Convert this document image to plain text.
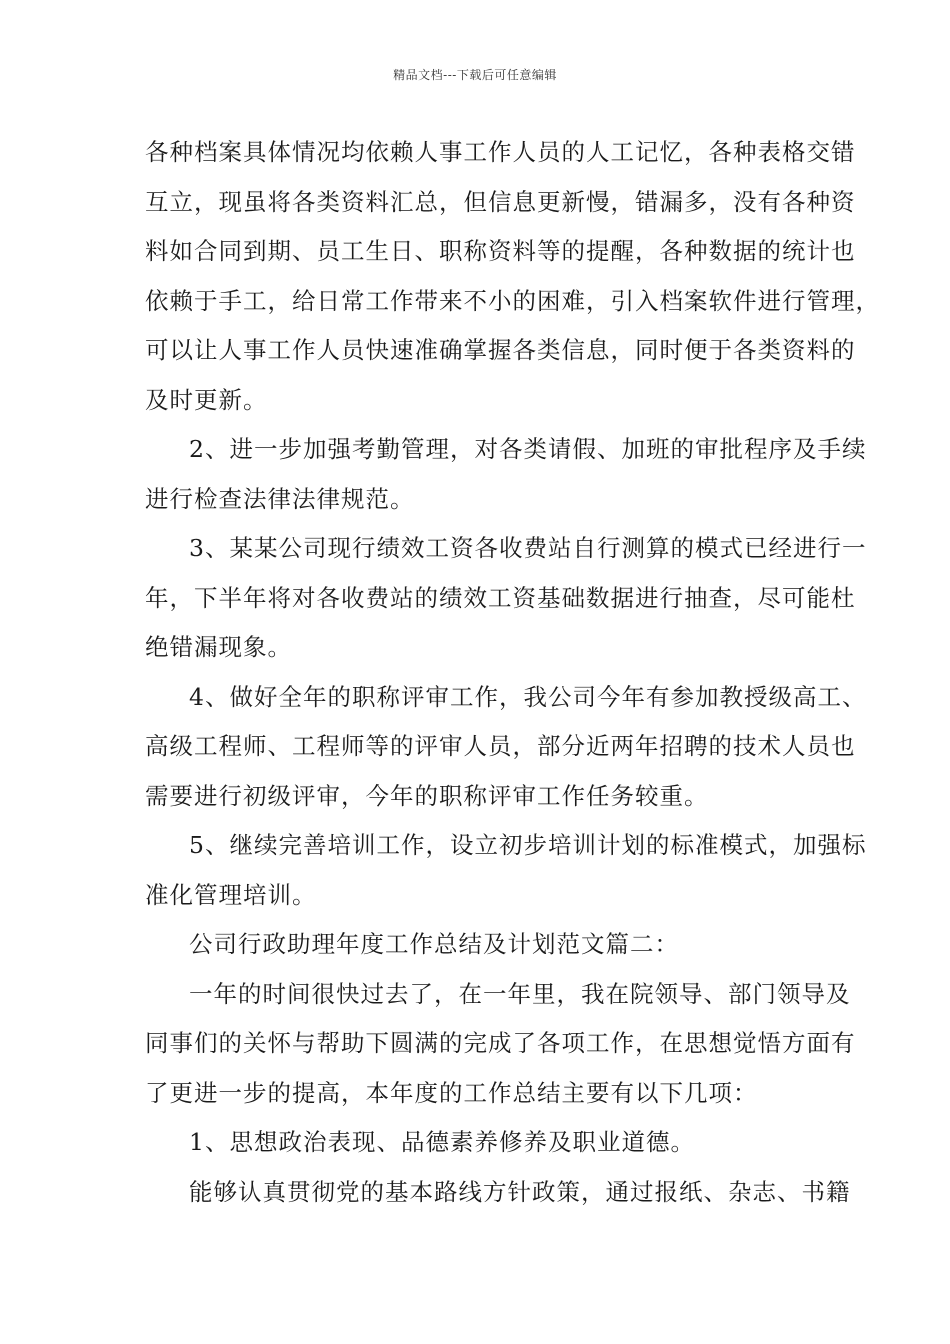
精品文档---下载后可任意编辑
各种档案具体情况均依赖人事工作人员的人工记忆，各种表格交错
互立，现虽将各类资料汇总，但信息更新慢，错漏多，没有各种资
料如合同到期、员工生日、职称资料等的提醒，各种数据的统计也
依赖于手工，给日常工作带来不小的困难，引入档案软件进行管理，
可以让人事工作人员快速准确掌握各类信息，同时便于各类资料的
及时更新。
2、进一步加强考勤管理，对各类请假、加班的审批程序及手续
进行检查法律法律规范。
3、某某公司现行绩效工资各收费站自行测算的模式已经进行一
年，下半年将对各收费站的绩效工资基础数据进行抽查，尽可能杜
绝错漏现象。
4、做好全年的职称评审工作，我公司今年有参加教授级高工、
高级工程师、工程师等的评审人员，部分近两年招聘的技术人员也
需要进行初级评审，今年的职称评审工作任务较重。
5、继续完善培训工作，设立初步培训计划的标准模式，加强标
准化管理培训。
公司行政助理年度工作总结及计划范文篇二：
一年的时间很快过去了，在一年里，我在院领导、部门领导及
同事们的关怀与帮助下圆满的完成了各项工作，在思想觉悟方面有
了更进一步的提高，本年度的工作总结主要有以下几项：
1、思想政治表现、品德素养修养及职业道德。
能够认真贯彻党的基本路线方针政策，通过报纸、杂志、书籍
